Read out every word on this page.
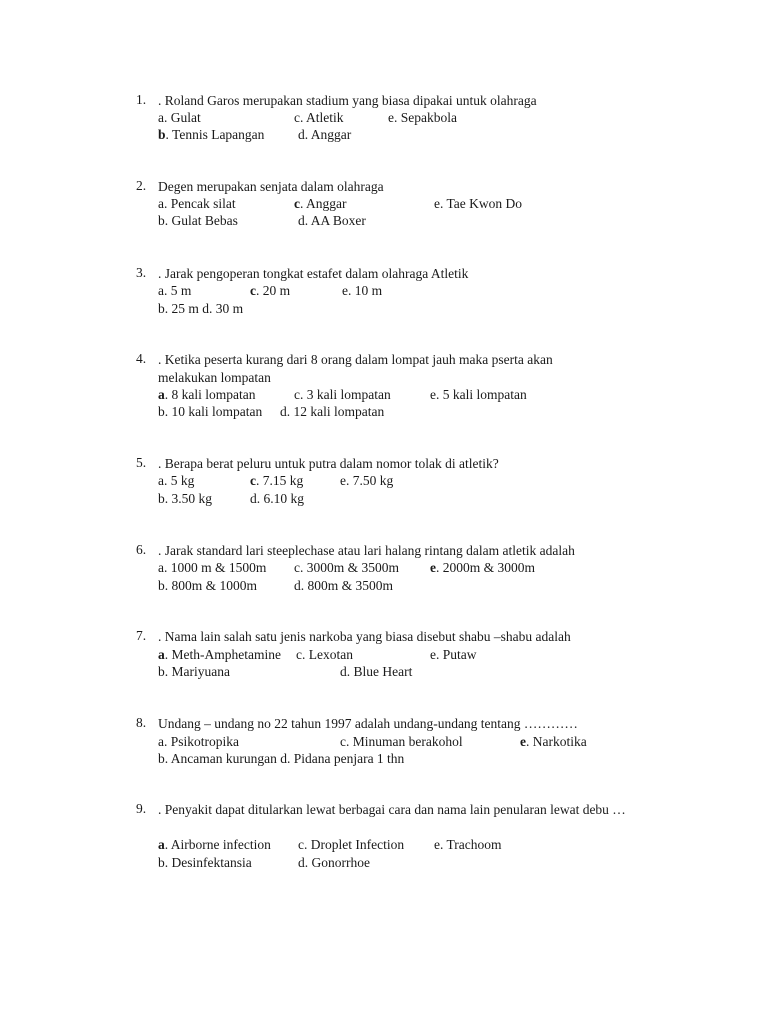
1. . Roland Garos merupakan stadium yang biasa dipakai untuk olahraga
a. Gulat	c. Atletik	e. Sepakbola
b. Tennis Lapangan d. Anggar
2. Degen merupakan senjata dalam olahraga
a. Pencak silat	c. Anggar	e. Tae Kwon Do
b. Gulat Bebas	d. AA Boxer
3. . Jarak pengoperan tongkat estafet dalam olahraga Atletik
a. 5 m	c. 20 m	e. 10 m
b. 25 m d. 30 m
4. . Ketika peserta kurang dari 8 orang dalam lompat jauh maka pserta akan melakukan lompatan
a. 8 kali lompatan	c. 3 kali lompatan	e. 5 kali lompatan
b. 10 kali lompatan d. 12 kali lompatan
5. . Berapa berat peluru untuk putra dalam nomor tolak di atletik?
a. 5 kg	c. 7.15 kg	e. 7.50 kg
b. 3.50 kg	d. 6.10 kg
6. . Jarak standard lari steeplechase atau lari halang rintang dalam atletik adalah
a. 1000 m & 1500m c. 3000m & 3500m e. 2000m & 3000m
b. 800m & 1000m	d. 800m & 3500m
7. . Nama lain salah satu jenis narkoba yang biasa disebut shabu –shabu adalah
a. Meth-Amphetamine c. Lexotan	e. Putaw
b. Mariyuana	d. Blue Heart
8. Undang – undang no 22 tahun 1997 adalah undang-undang tentang …………
a. Psikotropika	c. Minuman berakohol	e. Narkotika
b. Ancaman kurungan d. Pidana penjara 1 thn
9. . Penyakit dapat ditularkan lewat berbagai cara dan nama lain penularan lewat debu …
a. Airborne infection c. Droplet Infection e. Trachoom
b. Desinfektansia	d. Gonorrhoe
